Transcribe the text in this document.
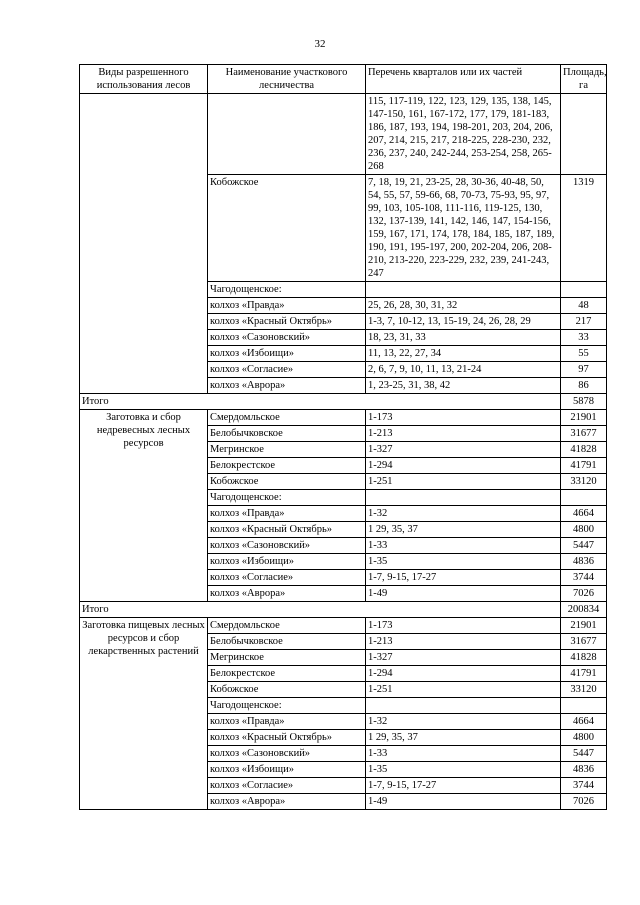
32
Виды разрешенного использования лесов	Наименование участкового лесничества	Перечень кварталов или их частей	Площадь, га
		115, 117-119, 122, 123, 129, 135, 138, 145, 147-150, 161, 167-172, 177, 179, 181-183, 186, 187, 193, 194, 198-201, 203, 204, 206, 207, 214, 215, 217, 218-225, 228-230, 232, 236, 237, 240, 242-244, 253-254, 258, 265-268	
	Кобожское	7, 18, 19, 21, 23-25, 28, 30-36, 40-48, 50, 54, 55, 57, 59-66, 68, 70-73, 75-93, 95, 97, 99, 103, 105-108, 111-116, 119-125, 130, 132, 137-139, 141, 142, 146, 147, 154-156, 159, 167, 171, 174, 178, 184, 185, 187, 189, 190, 191, 195-197, 200, 202-204, 206, 208-210, 213-220, 223-229, 232, 239, 241-243, 247	1319
	Чагодощенское:		
	колхоз «Правда»	25, 26, 28, 30, 31, 32	48
	колхоз «Красный Октябрь»	1-3, 7, 10-12, 13, 15-19, 24, 26, 28, 29	217
	колхоз «Сазоновский»	18, 23, 31, 33	33
	колхоз «Избоищи»	11, 13, 22, 27, 34	55
	колхоз «Согласие»	2, 6, 7, 9, 10, 11, 13, 21-24	97
	колхоз «Аврора»	1, 23-25, 31, 38, 42	86
Итого			5878
Заготовка и сбор недревесных лесных ресурсов	Смердомльское	1-173	21901
	Белобычковское	1-213	31677
	Мегринское	1-327	41828
	Белокрестское	1-294	41791
	Кобожское	1-251	33120
	Чагодощенское:		
	колхоз «Правда»	1-32	4664
	колхоз «Красный Октябрь»	1 29, 35, 37	4800
	колхоз «Сазоновский»	1-33	5447
	колхоз «Избоищи»	1-35	4836
	колхоз «Согласие»	1-7, 9-15, 17-27	3744
	колхоз «Аврора»	1-49	7026
Итого			200834
Заготовка пищевых лесных ресурсов и сбор лекарственных растений	Смердомльское	1-173	21901
	Белобычковское	1-213	31677
	Мегринское	1-327	41828
	Белокрестское	1-294	41791
	Кобожское	1-251	33120
	Чагодощенское:		
	колхоз «Правда»	1-32	4664
	колхоз «Красный Октябрь»	1 29, 35, 37	4800
	колхоз «Сазоновский»	1-33	5447
	колхоз «Избоищи»	1-35	4836
	колхоз «Согласие»	1-7, 9-15, 17-27	3744
	колхоз «Аврора»	1-49	7026
